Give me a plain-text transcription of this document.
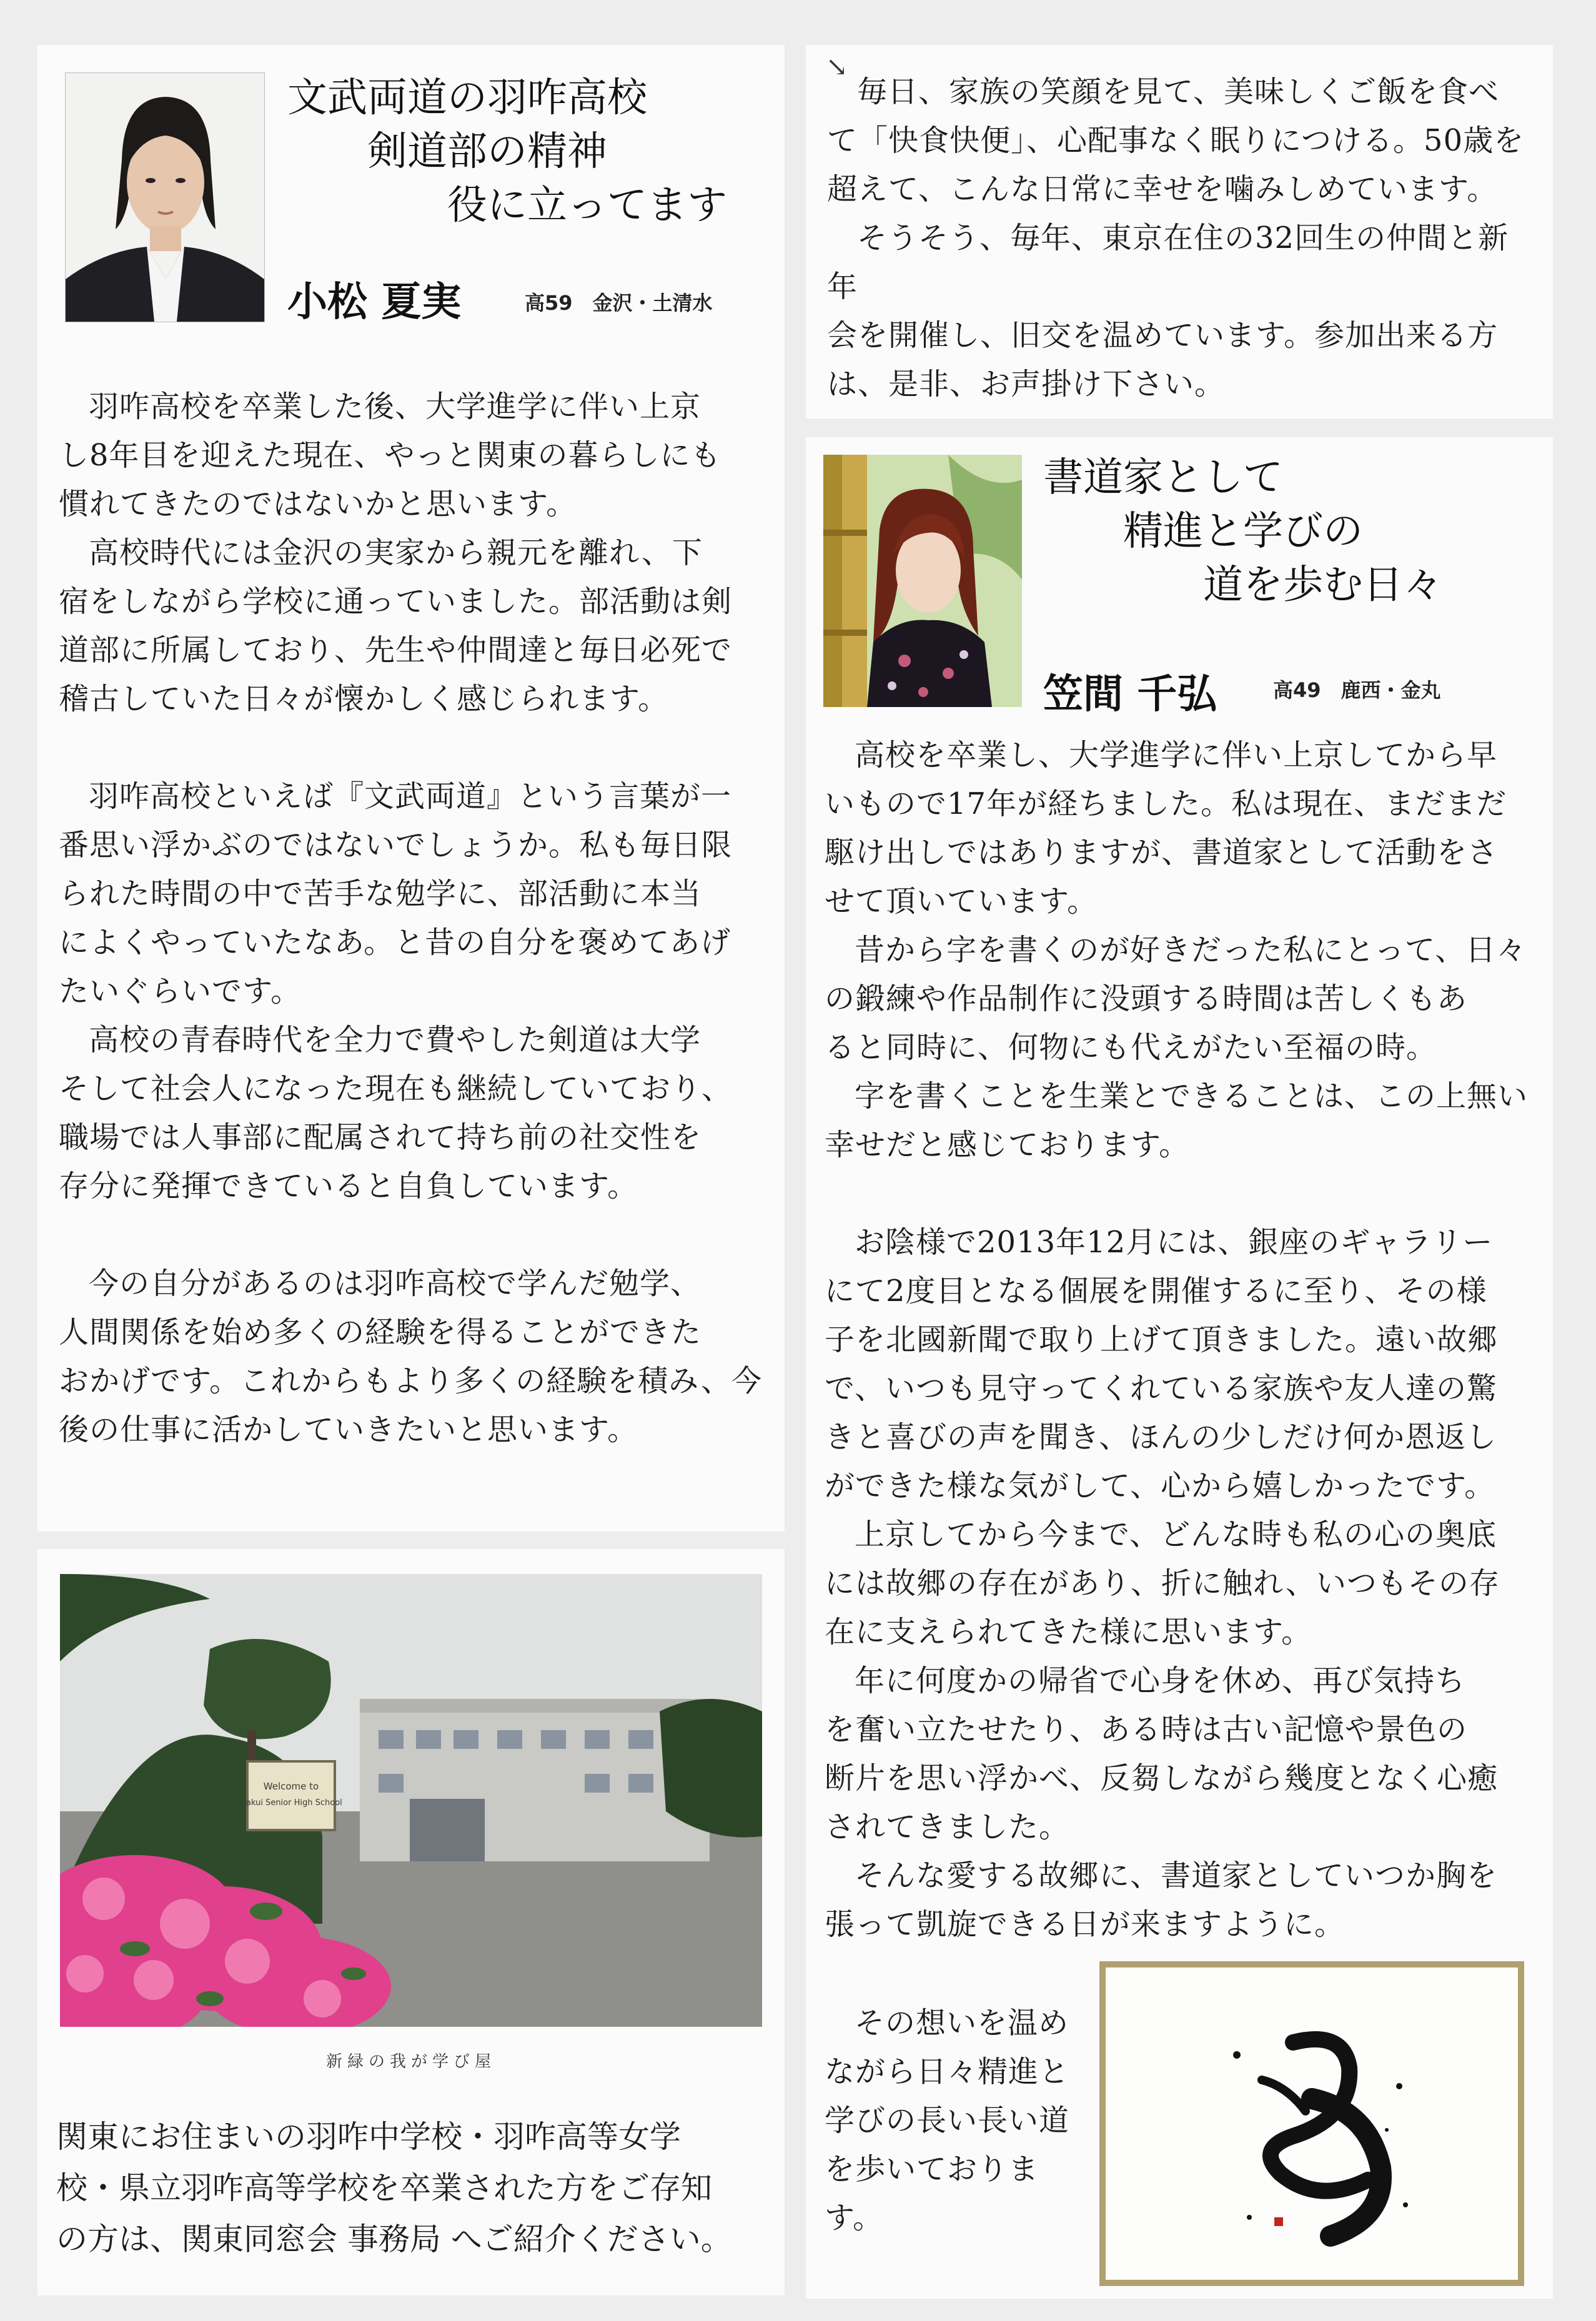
文武両道の羽咋高校
　　剣道部の精神
　　　　役に立ってます
小松 夏実	高59　金沢・土清水

羽咋高校を卒業した後、大学進学に伴い上京
し8年目を迎えた現在、やっと関東の暮らしにも
慣れてきたのではないかと思います。

高校時代には金沢の実家から親元を離れ、下
宿をしながら学校に通っていました。部活動は剣
道部に所属しており、先生や仲間達と毎日必死で
稽古していた日々が懐かしく感じられます。

羽咋高校といえば『文武両道』という言葉が一
番思い浮かぶのではないでしょうか。私も毎日限
られた時間の中で苦手な勉学に、部活動に本当
によくやっていたなあ。と昔の自分を褒めてあげ
たいぐらいです。

高校の青春時代を全力で費やした剣道は大学
そして社会人になった現在も継続していており、
職場では人事部に配属されて持ち前の社交性を
存分に発揮できていると自負しています。

今の自分があるのは羽咋高校で学んだ勉学、
人間関係を始め多くの経験を得ることができた
おかげです。これからもより多くの経験を積み、今
後の仕事に活かしていきたいと思います。

Welcome to
Hakui Senior High School
新緑の我が学び屋
関東にお住まいの羽咋中学校・羽咋高等女学
校・県立羽咋高等学校を卒業された方をご存知
の方は、関東同窓会 事務局 へご紹介ください。
↘

毎日、家族の笑顔を見て、美味しくご飯を食べ
て「快食快便」、心配事なく眠りにつける。50歳を
超えて、こんな日常に幸せを噛みしめています。

そうそう、毎年、東京在住の32回生の仲間と新年
会を開催し、旧交を温めています。参加出来る方
は、是非、お声掛け下さい。

書道家として
　　精進と学びの
　　　　道を歩む日々
笠間 千弘	高49　鹿西・金丸

高校を卒業し、大学進学に伴い上京してから早
いもので17年が経ちました。私は現在、まだまだ
駆け出しではありますが、書道家として活動をさ
せて頂いています。

昔から字を書くのが好きだった私にとって、日々
の鍛練や作品制作に没頭する時間は苦しくもあ
ると同時に、何物にも代えがたい至福の時。

字を書くことを生業とできることは、この上無い
幸せだと感じております。

お陰様で2013年12月には、銀座のギャラリー
にて2度目となる個展を開催するに至り、その様
子を北國新聞で取り上げて頂きました。遠い故郷
で、いつも見守ってくれている家族や友人達の驚
きと喜びの声を聞き、ほんの少しだけ何か恩返し
ができた様な気がして、心から嬉しかったです。

上京してから今まで、どんな時も私の心の奥底
には故郷の存在があり、折に触れ、いつもその存
在に支えられてきた様に思います。

年に何度かの帰省で心身を休め、再び気持ち
を奮い立たせたり、ある時は古い記憶や景色の
断片を思い浮かべ、反芻しながら幾度となく心癒
されてきました。

そんな愛する故郷に、書道家としていつか胸を
張って凱旋できる日が来ますように。

その想いを温め
ながら日々精進と
学びの長い長い道
を歩いております。
